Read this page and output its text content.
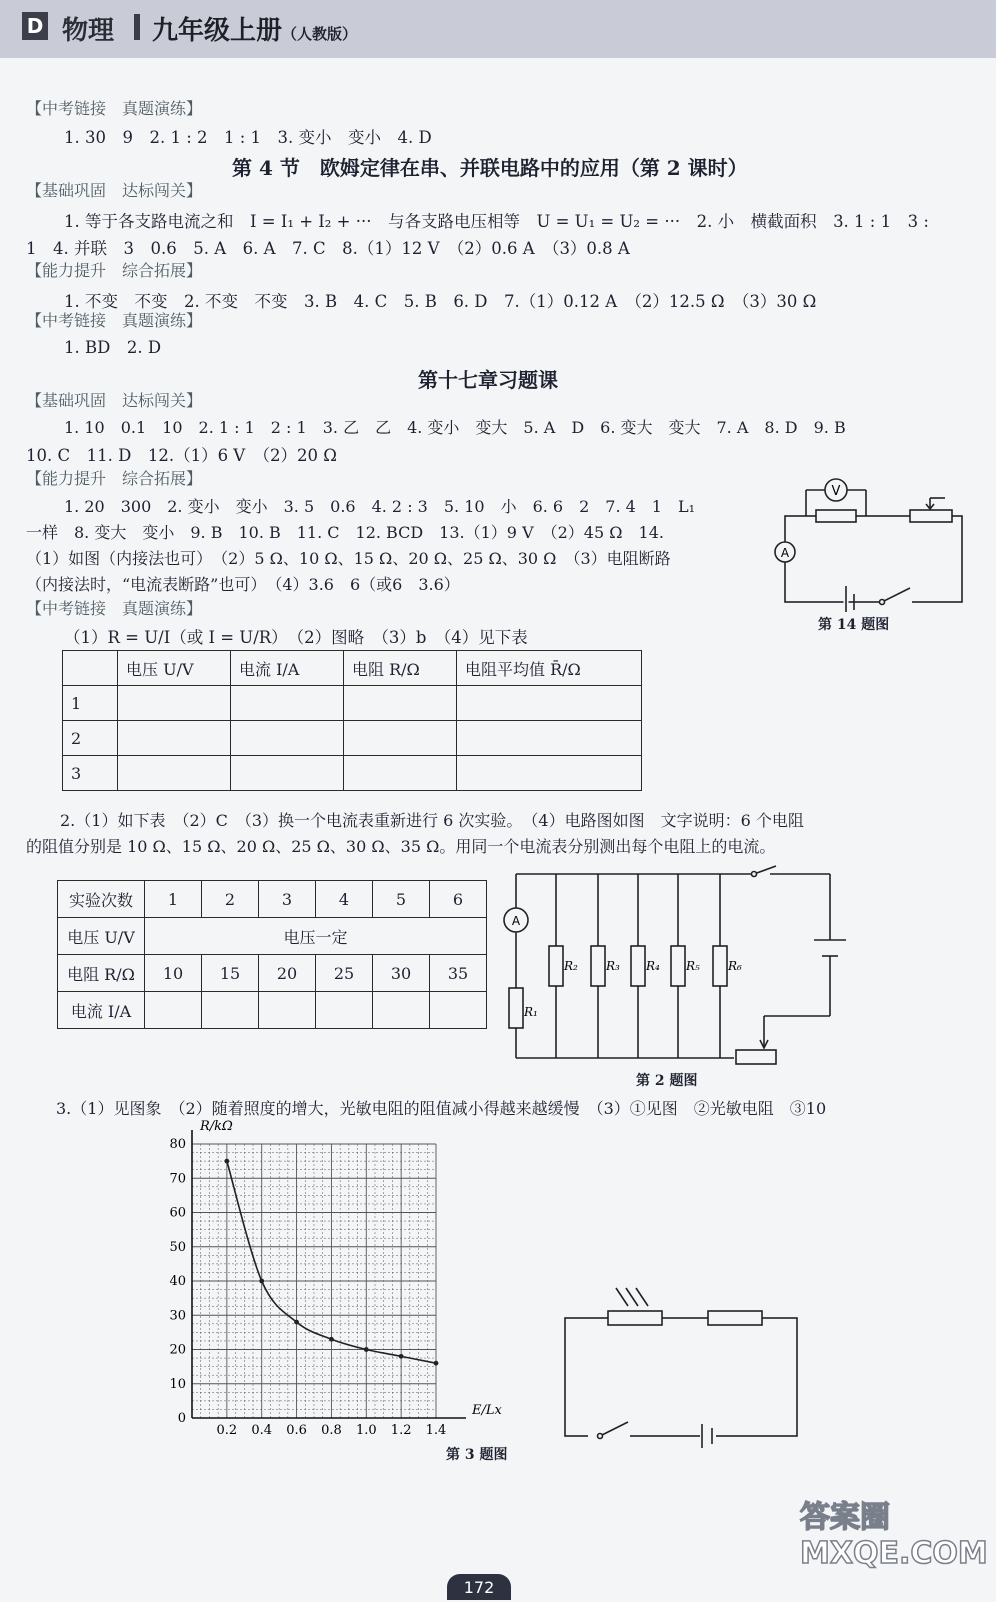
D 物理 九年级上册（人教版）
【中考链接　真题演练】
1. 30　9　2. 1 : 2　1 : 1　3. 变小　变小　4. D
第 4 节　欧姆定律在串、并联电路中的应用（第 2 课时）
【基础巩固　达标闯关】
1. 等于各支路电流之和　I = I₁ + I₂ + ···　与各支路电压相等　U = U₁ = U₂ = ···　2. 小　横截面积　3. 1 : 1　3 :
1　4. 并联　3　0.6　5. A　6. A　7. C　8.（1）12 V　（2）0.6 A　（3）0.8 A
【能力提升　综合拓展】
1. 不变　不变　2. 不变　不变　3. B　4. C　5. B　6. D　7.（1）0.12 A　（2）12.5 Ω　（3）30 Ω
【中考链接　真题演练】
1. BD　2. D
第十七章习题课
【基础巩固　达标闯关】
1. 10　0.1　10　2. 1 : 1　2 : 1　3. 乙　乙　4. 变小　变大　5. A　D　6. 变大　变大　7. A　8. D　9. B
10. C　11. D　12.（1）6 V　（2）20 Ω
【能力提升　综合拓展】
1. 20　300　2. 变小　变小　3. 5　0.6　4. 2 : 3　5. 10　小　6. 6　2　7. 4　1　L₁
一样　8. 变大　变小　9. B　10. B　11. C　12. BCD　13.（1）9 V　（2）45 Ω　14.
（1）如图（内接法也可）　（2）5 Ω、10 Ω、15 Ω、20 Ω、25 Ω、30 Ω　（3）电阻断路
（内接法时，“电流表断路”也可）　（4）3.6　6（或6　3.6）
【中考链接　真题演练】
（1）R = U/I（或 I = U/R）　（2）图略　（3）b　（4）见下表
V
A
第 14 题图
	电压 U/V	电流 I/A	电阻 R/Ω	电阻平均值 R̄/Ω
1				
2				
3				
2.（1）如下表　（2）C　（3）换一个电流表重新进行 6 次实验。　（4）电路图如图　文字说明：6 个电阻
的阻值分别是 10 Ω、15 Ω、20 Ω、25 Ω、30 Ω、35 Ω。用同一个电流表分别测出每个电阻上的电流。
实验次数	1	2	3	4	5	6
电压 U/V	电压一定					
电阻 R/Ω	10	15	20	25	30	35
电流 I/A						
A
R₁
R₂ R₃ R₄ R₅ R₆
第 2 题图
3.（1）见图象　（2）随着照度的增大，光敏电阻的阻值减小得越来越缓慢　（3）①见图　②光敏电阻　③10
0.2 0.4 0.6 0.8 1.0 1.2 1.4
0
10
20
30
40
50
60
70
80
R/kΩ
E/Lx
第 3 题图
172
答案圈 MXQE.COM
